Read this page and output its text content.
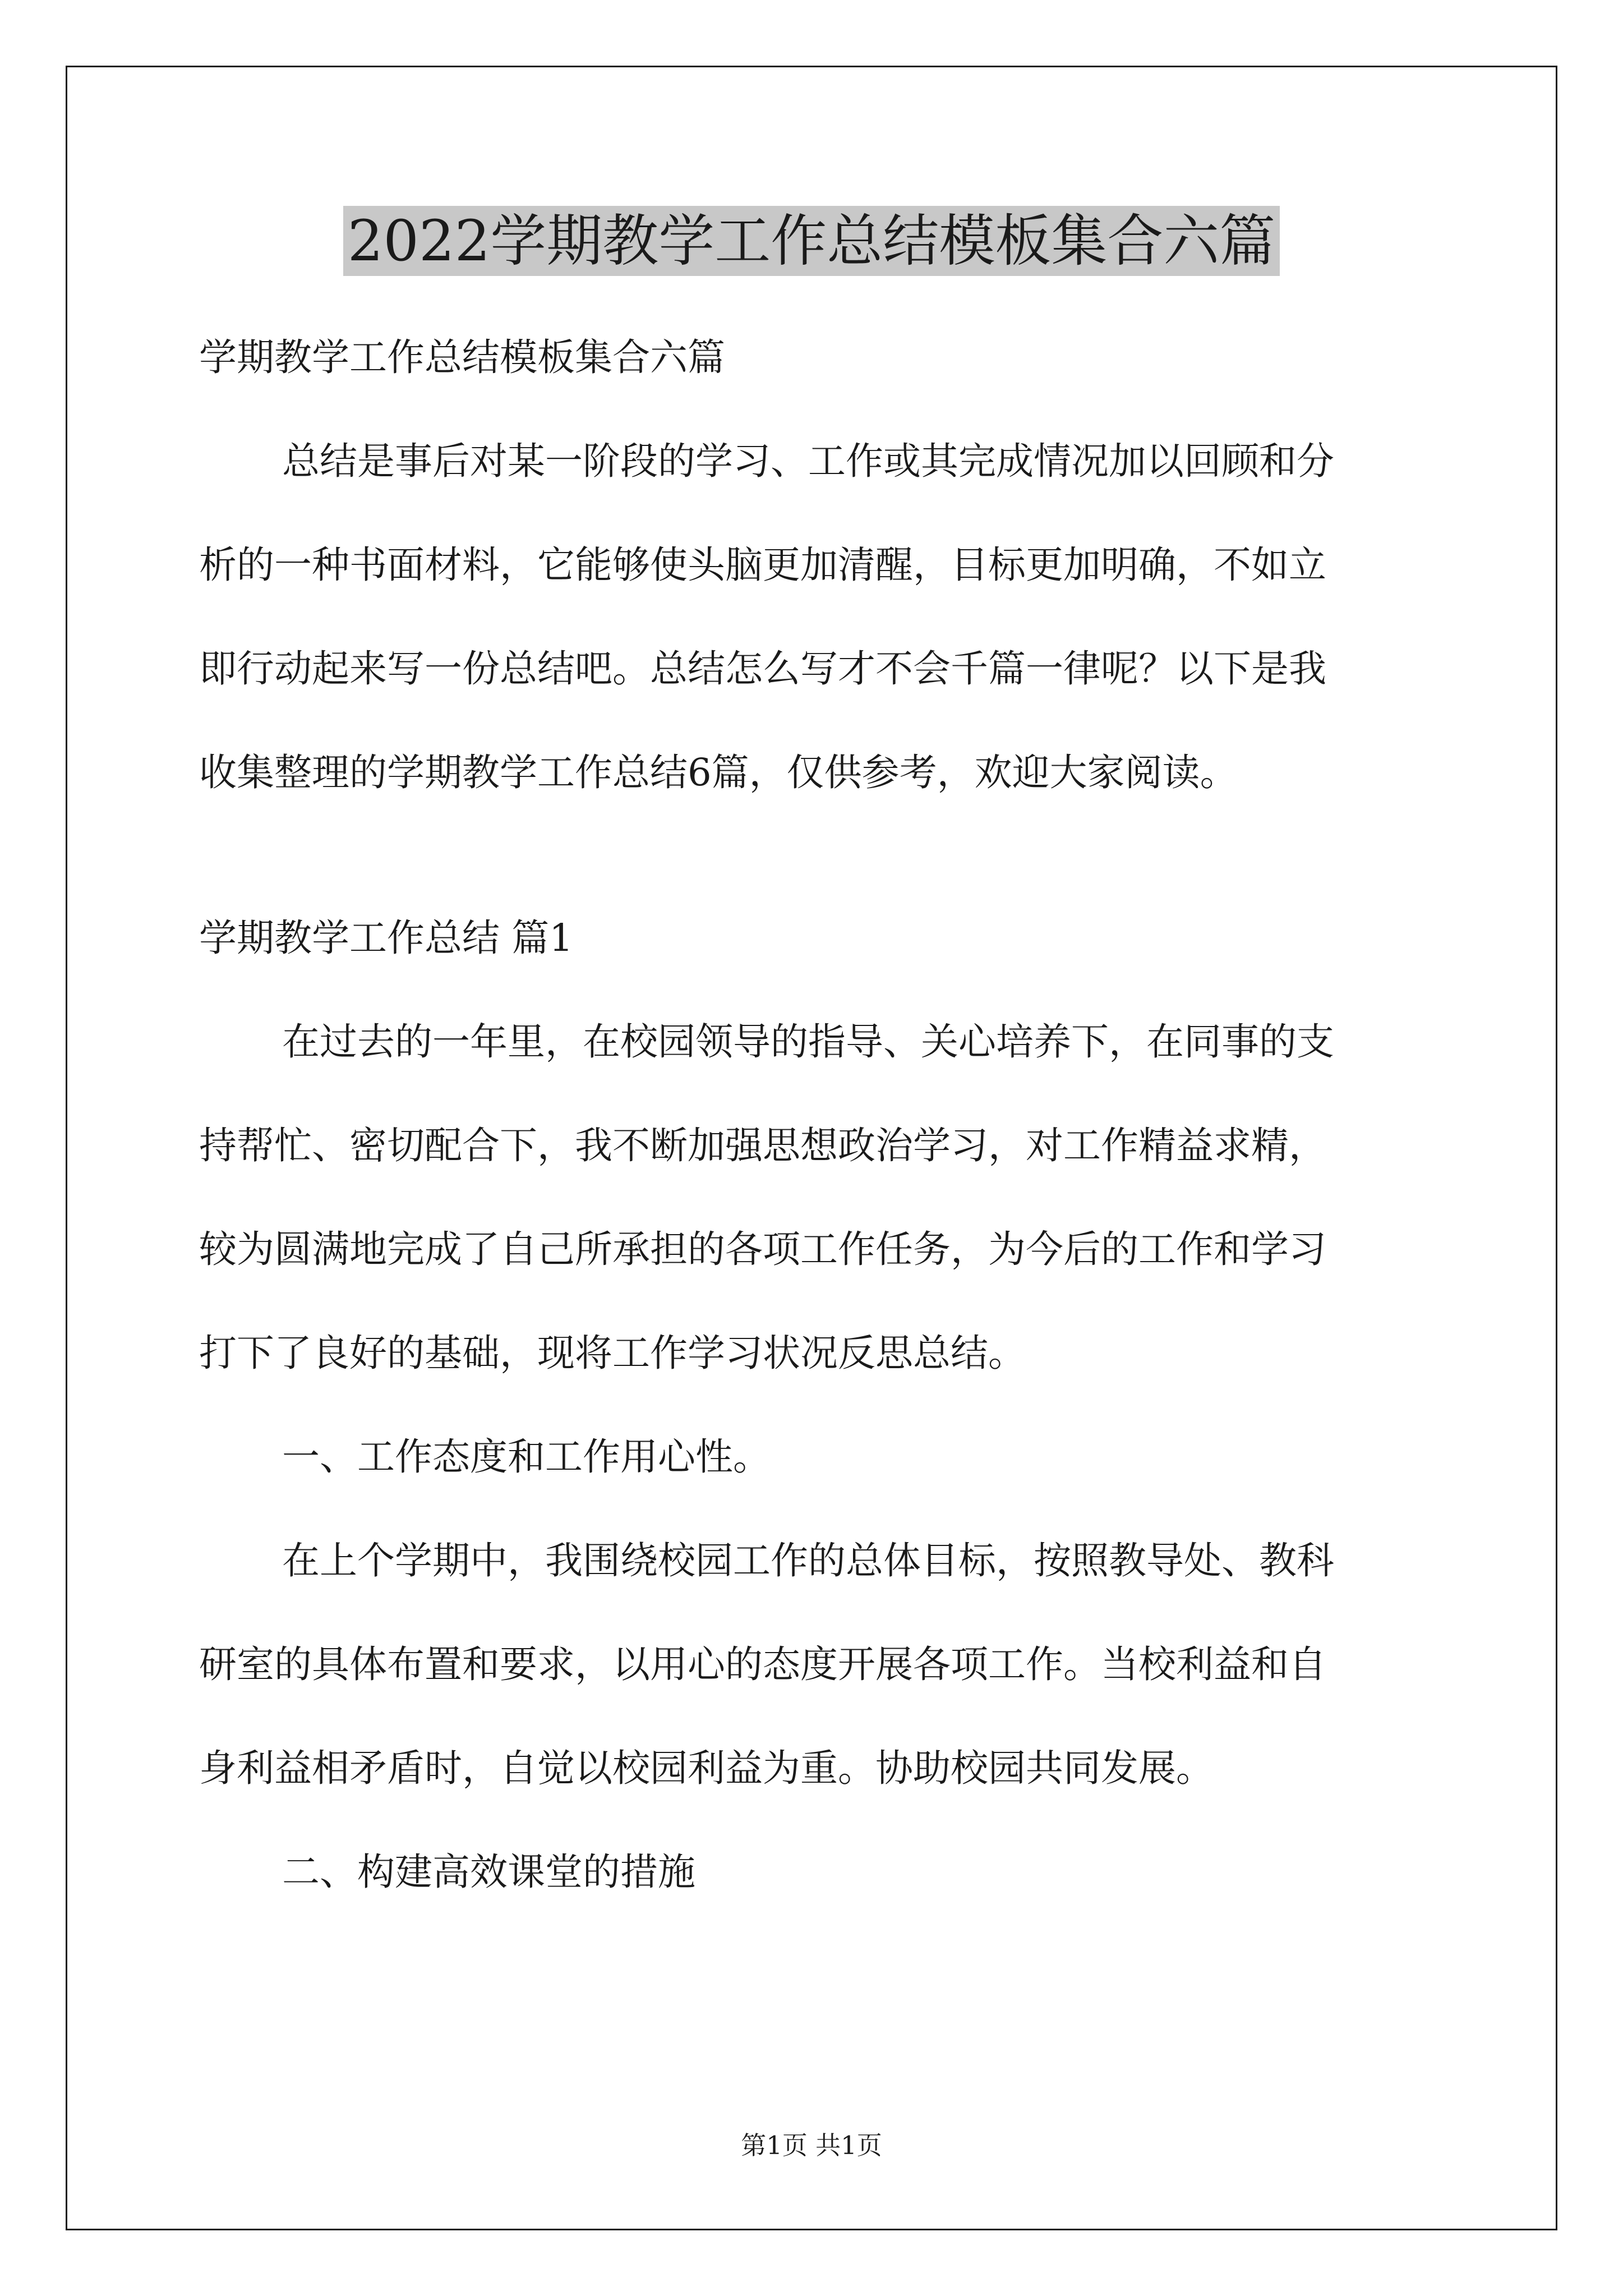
2022学期教学工作总结模板集合六篇

学期教学工作总结模板集合六篇

总结是事后对某一阶段的学习、工作或其完成情况加以回顾和分

析的一种书面材料，它能够使头脑更加清醒，目标更加明确，不如立

即行动起来写一份总结吧。总结怎么写才不会千篇一律呢？以下是我

收集整理的学期教学工作总结6篇，仅供参考，欢迎大家阅读。

学期教学工作总结 篇1

在过去的一年里，在校园领导的指导、关心培养下，在同事的支

持帮忙、密切配合下，我不断加强思想政治学习，对工作精益求精，

较为圆满地完成了自己所承担的各项工作任务，为今后的工作和学习

打下了良好的基础，现将工作学习状况反思总结。

一、工作态度和工作用心性。

在上个学期中，我围绕校园工作的总体目标，按照教导处、教科

研室的具体布置和要求，以用心的态度开展各项工作。当校利益和自

身利益相矛盾时，自觉以校园利益为重。协助校园共同发展。

二、构建高效课堂的措施

第1页 共1页
